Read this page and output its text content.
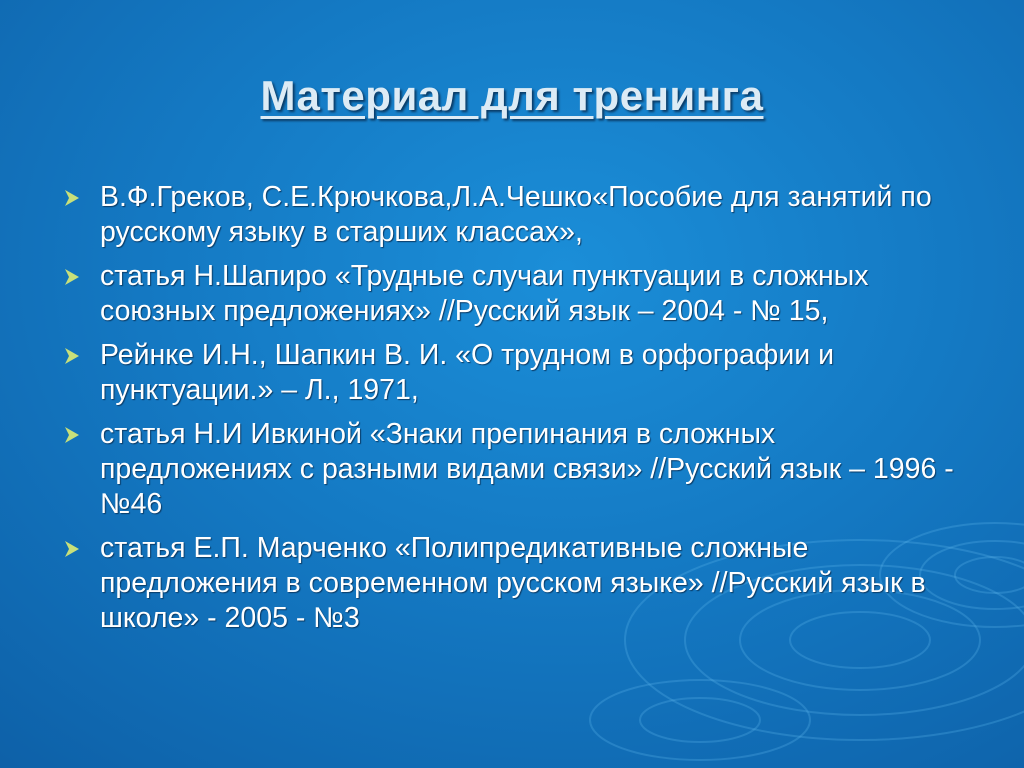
Материал для тренинга
В.Ф.Греков, С.Е.Крючкова,Л.А.Чешко«Пособие для занятий по русскому языку в старших классах»,
статья Н.Шапиро «Трудные случаи пунктуации в сложных союзных предложениях» //Русский язык – 2004 - № 15,
Рейнке И.Н., Шапкин В. И. «О трудном в орфографии и пунктуации.» – Л., 1971,
статья Н.И Ивкиной «Знаки препинания в сложных предложениях с разными видами связи» //Русский язык – 1996 - №46
статья Е.П. Марченко «Полипредикативные сложные предложения в современном русском языке» //Русский язык в школе» - 2005 - №3
